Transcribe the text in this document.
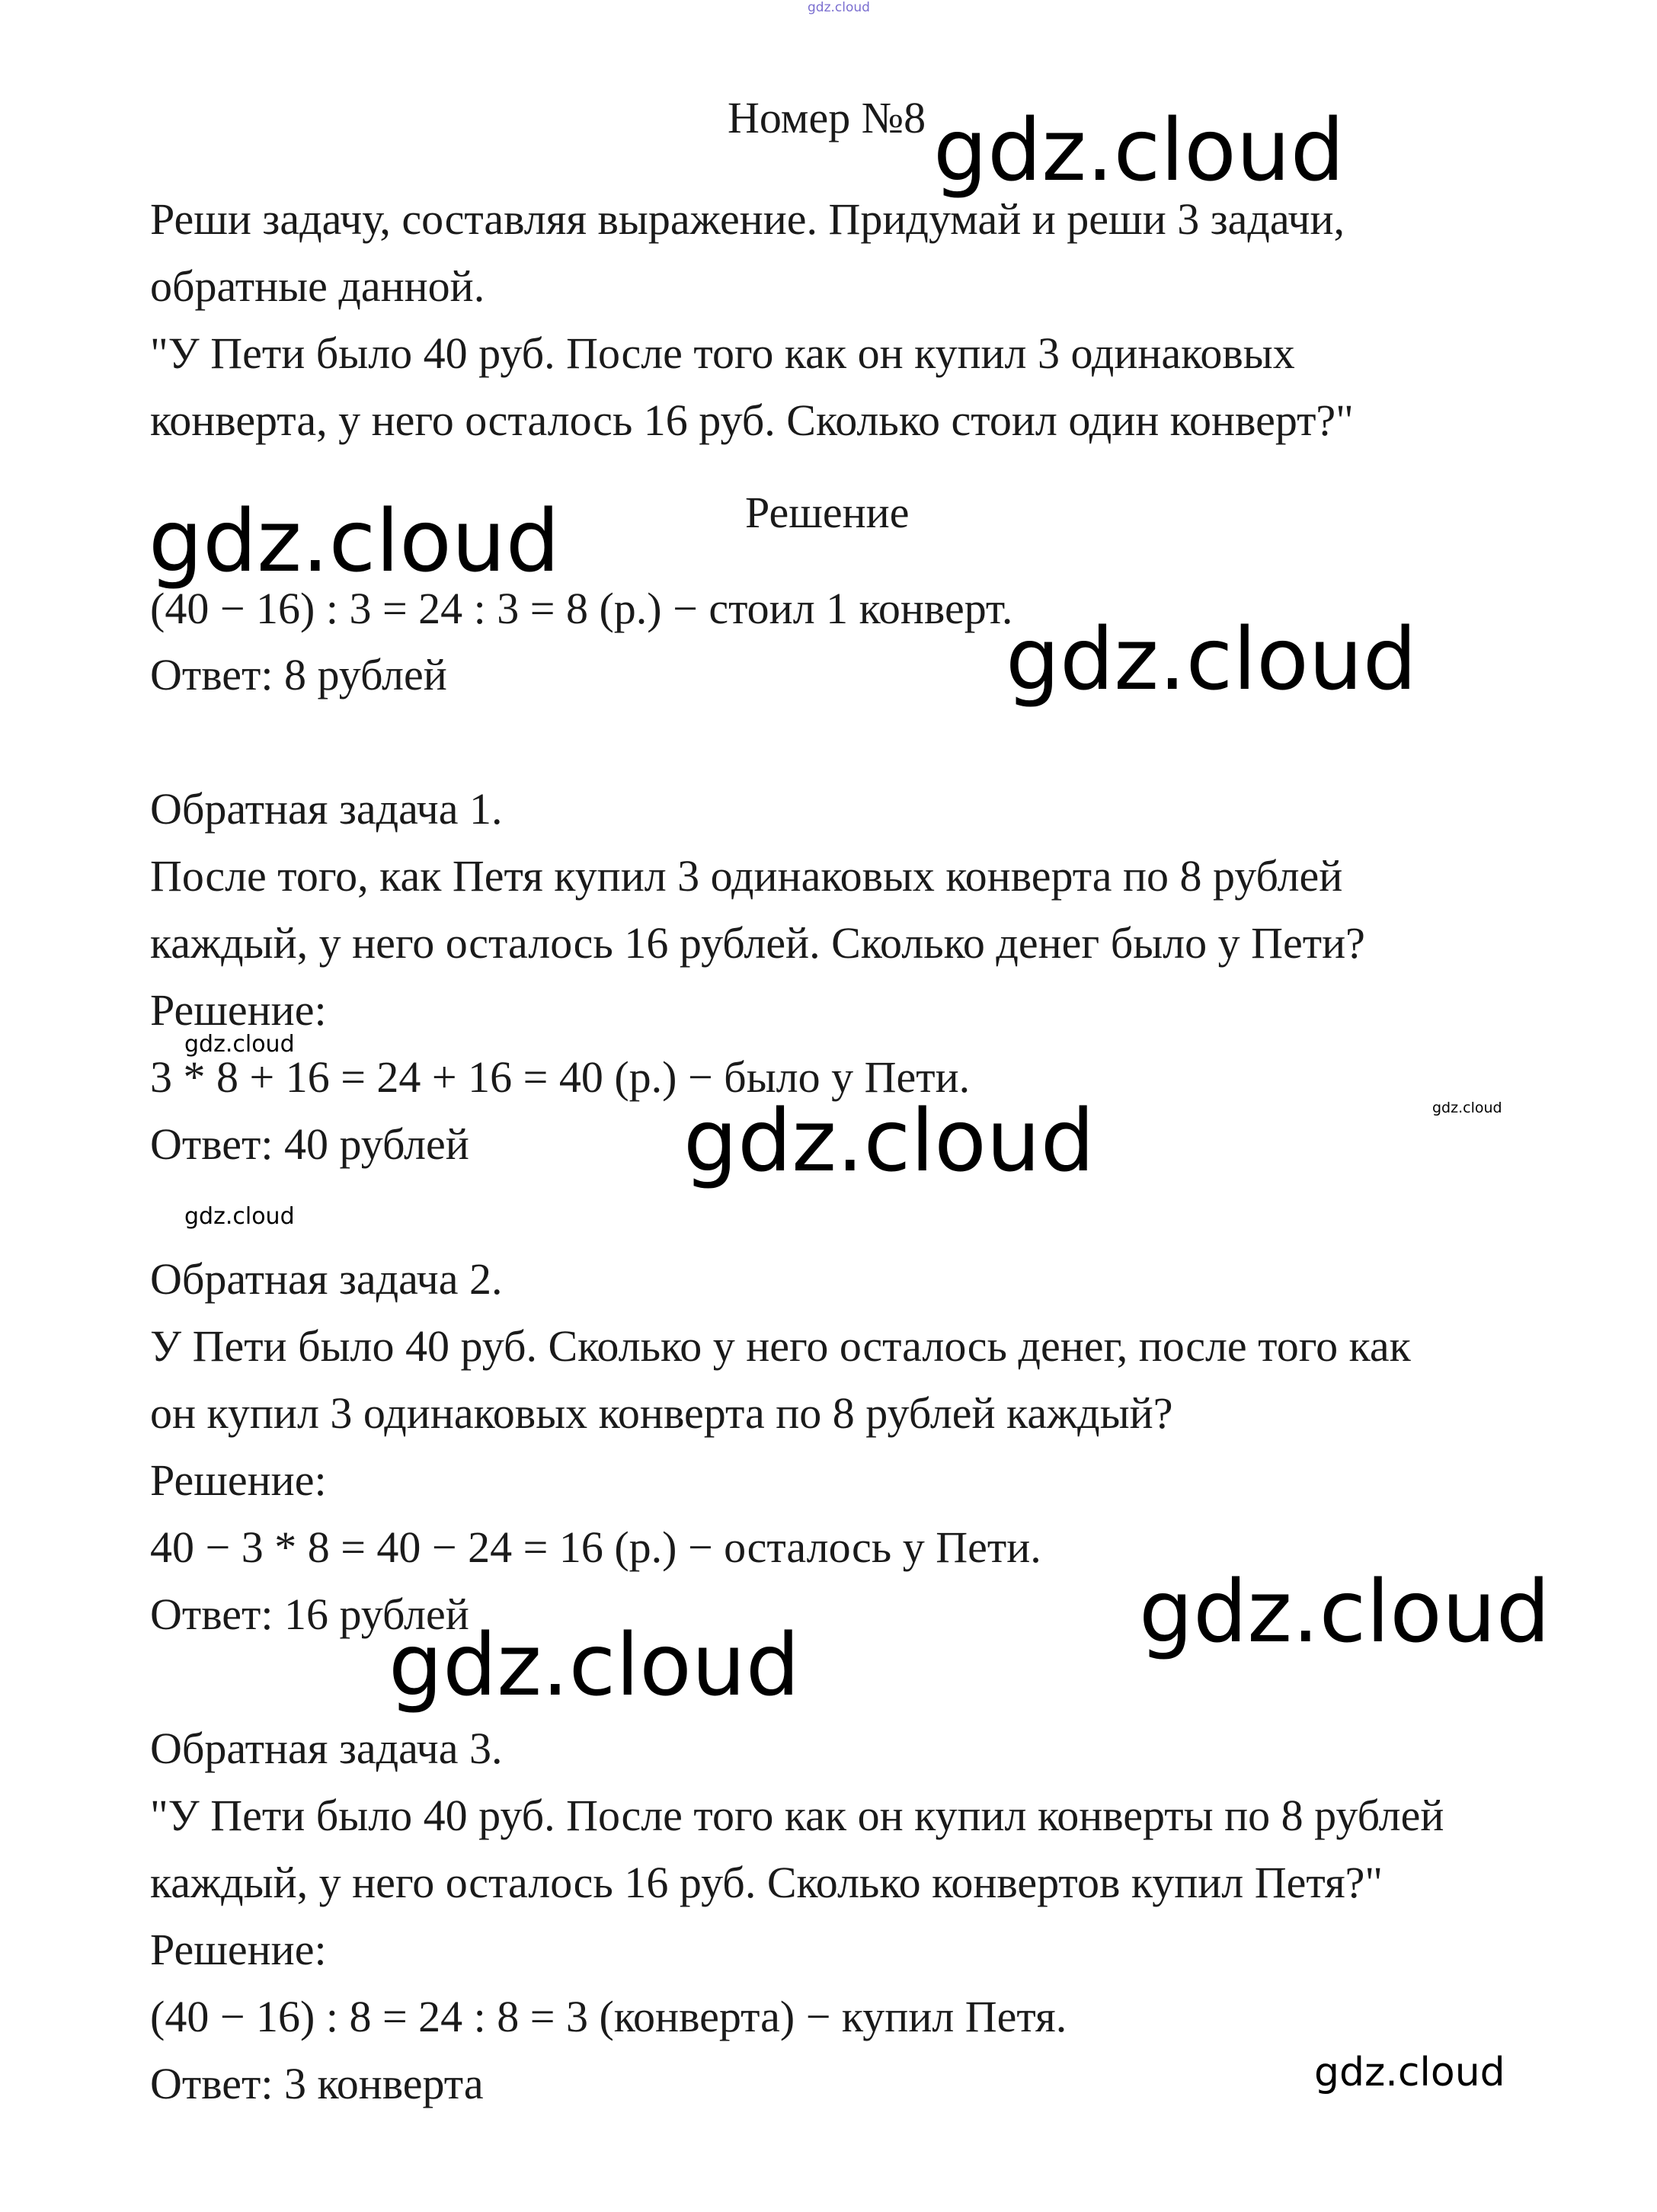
gdz.cloud
Номер №8 gdz.cloud
Реши задачу, составляя выражение. Придумай и реши 3 задачи,
обратные данной.
"У Пети было 40 руб. После того как он купил 3 одинаковых
конверта, у него осталось 16 руб. Сколько стоил один конверт?"
Решение
gdz.cloud
(40 − 16) : 3 = 24 : 3 = 8 (р.) − стоил 1 конверт.
gdz.cloud
Ответ: 8 рублей
Обратная задача 1.
После того, как Петя купил 3 одинаковых конверта по 8 рублей
каждый, у него осталось 16 рублей. Сколько денег было у Пети?
Решение:
gdz.cloud
3 * 8 + 16 = 24 + 16 = 40 (р.) − было у Пети.
gdz.cloud
Ответ: 40 рублей	gdz.cloud
gdz.cloud
Обратная задача 2.
У Пети было 40 руб. Сколько у него осталось денег, после того как
он купил 3 одинаковых конверта по 8 рублей каждый?
Решение:
40 − 3 * 8 = 40 − 24 = 16 (р.) − осталось у Пети.
Ответ: 16 рублей	gdz.cloud
gdz.cloud
Обратная задача 3.
"У Пети было 40 руб. После того как он купил конверты по 8 рублей
каждый, у него осталось 16 руб. Сколько конвертов купил Петя?"
Решение:
(40 − 16) : 8 = 24 : 8 = 3 (конверта) − купил Петя.
Ответ: 3 конверта	gdz.cloud
